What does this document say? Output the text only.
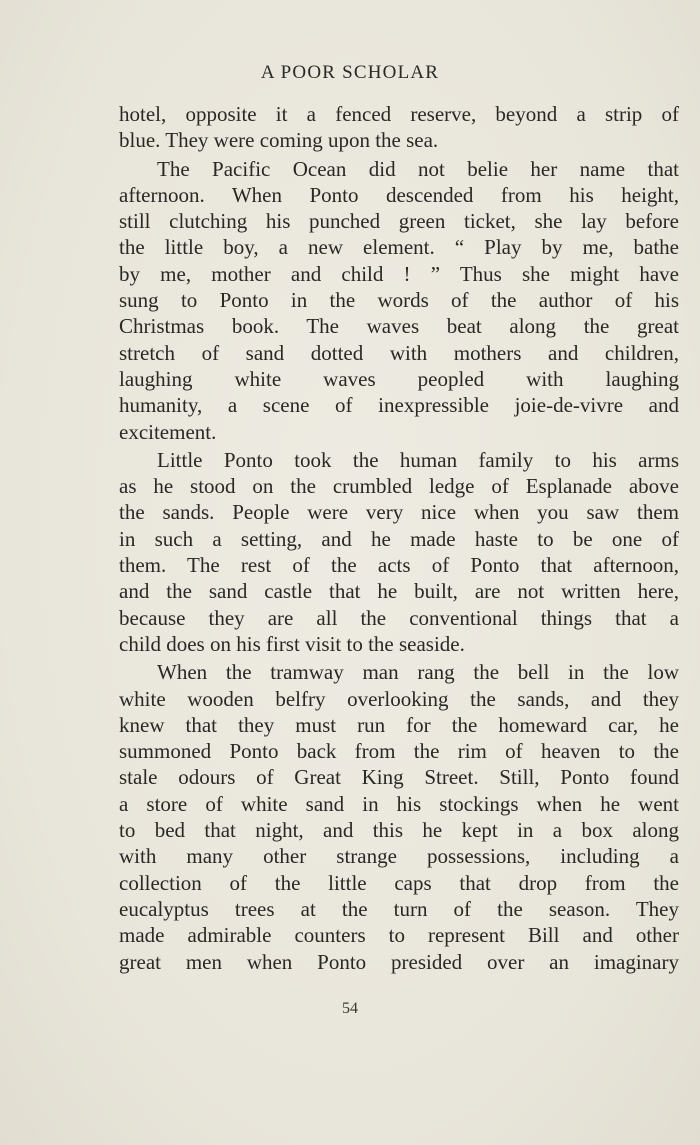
A POOR SCHOLAR
hotel, opposite it a fenced reserve, beyond a strip of
blue. They were coming upon the sea.
The Pacific Ocean did not belie her name that
afternoon. When Ponto descended from his height,
still clutching his punched green ticket, she lay before
the little boy, a new element. “ Play by me, bathe
by me, mother and child ! ” Thus she might have
sung to Ponto in the words of the author of his
Christmas book. The waves beat along the great
stretch of sand dotted with mothers and children,
laughing white waves peopled with laughing
humanity, a scene of inexpressible joie-de-vivre and
excitement.
Little Ponto took the human family to his arms
as he stood on the crumbled ledge of Esplanade above
the sands. People were very nice when you saw them
in such a setting, and he made haste to be one of
them. The rest of the acts of Ponto that afternoon,
and the sand castle that he built, are not written here,
because they are all the conventional things that a
child does on his first visit to the seaside.
When the tramway man rang the bell in the low
white wooden belfry overlooking the sands, and they
knew that they must run for the homeward car, he
summoned Ponto back from the rim of heaven to the
stale odours of Great King Street. Still, Ponto found
a store of white sand in his stockings when he went
to bed that night, and this he kept in a box along
with many other strange possessions, including a
collection of the little caps that drop from the
eucalyptus trees at the turn of the season. They
made admirable counters to represent Bill and other
great men when Ponto presided over an imaginary
54
